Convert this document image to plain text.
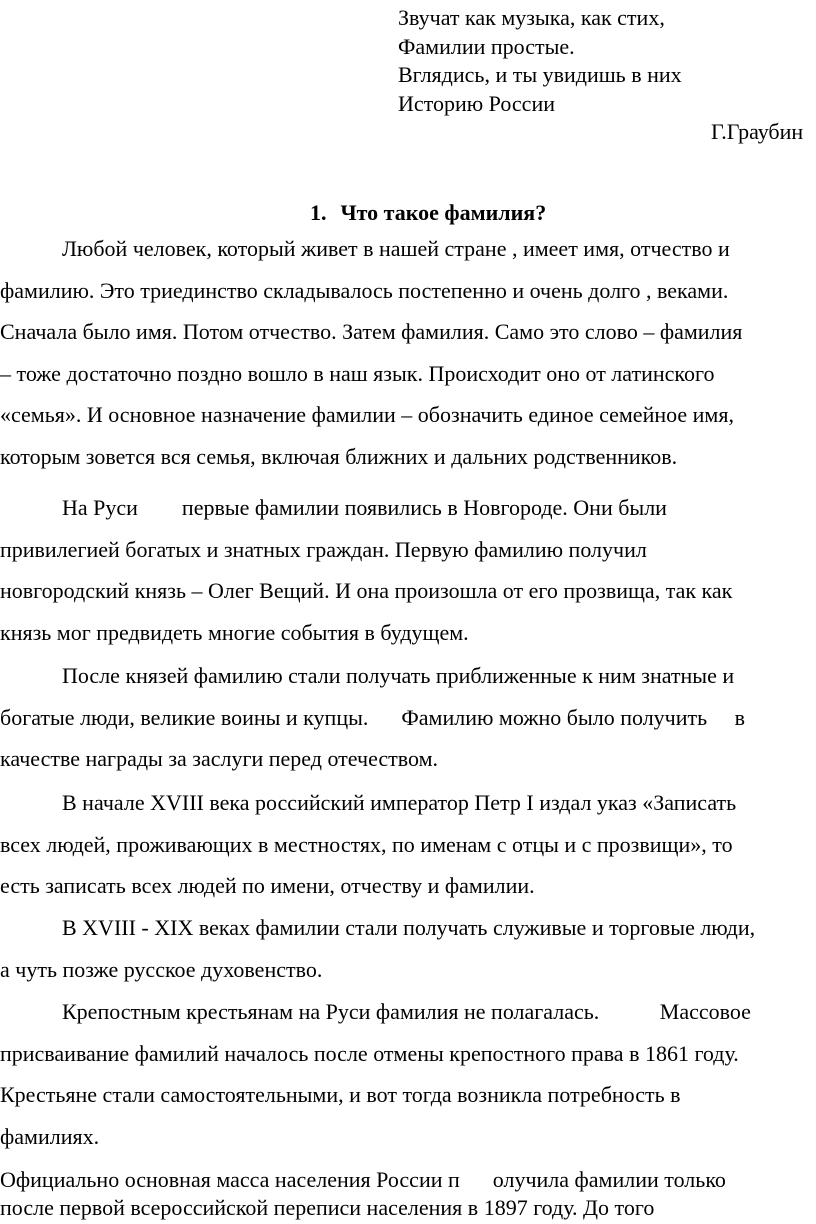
Звучат как музыка, как стих,
Фамилии простые.
Вглядись, и ты увидишь в них
Историю России
Г.Граубин
1. Что такое фамилия?
Любой человек, который живет в нашей стране , имеет имя, отчество и
фамилию. Это триединство складывалось постепенно и очень долго , веками.
Сначала было имя. Потом отчество. Затем фамилия. Само это слово – фамилия
– тоже достаточно поздно вошло в наш язык. Происходит оно от латинского
«семья». И основное назначение фамилии – обозначить единое семейное имя,
которым зовется вся семья, включая ближних и дальних родственников.
На Руси        первые фамилии появились в Новгороде. Они были
привилегией богатых и знатных граждан. Первую фамилию получил
новгородский князь – Олег Вещий. И она произошла от его прозвища, так как
князь мог предвидеть многие события в будущем.
После князей фамилию стали получать приближенные к ним знатные и
богатые люди, великие воины и купцы.      Фамилию можно было получить     в
качестве награды за заслуги перед отечеством.
В начале XVIII века российский император Петр I издал указ «Записать
всех людей, проживающих в местностях, по именам с отцы и с прозвищи», то
есть записать всех людей по имени, отчеству и фамилии.
В XVIII - XIX веках фамилии стали получать служивые и торговые люди,
а чуть позже русское духовенство.
Крепостным крестьянам на Руси фамилия не полагалась.           Массовое
присваивание фамилий началось после отмены крепостного права в 1861 году.
Крестьяне стали самостоятельными, и вот тогда возникла потребность в
фамилиях.
Официально основная масса населения России п      олучила фамилии только
после первой всероссийской переписи населения в 1897 году. До того
